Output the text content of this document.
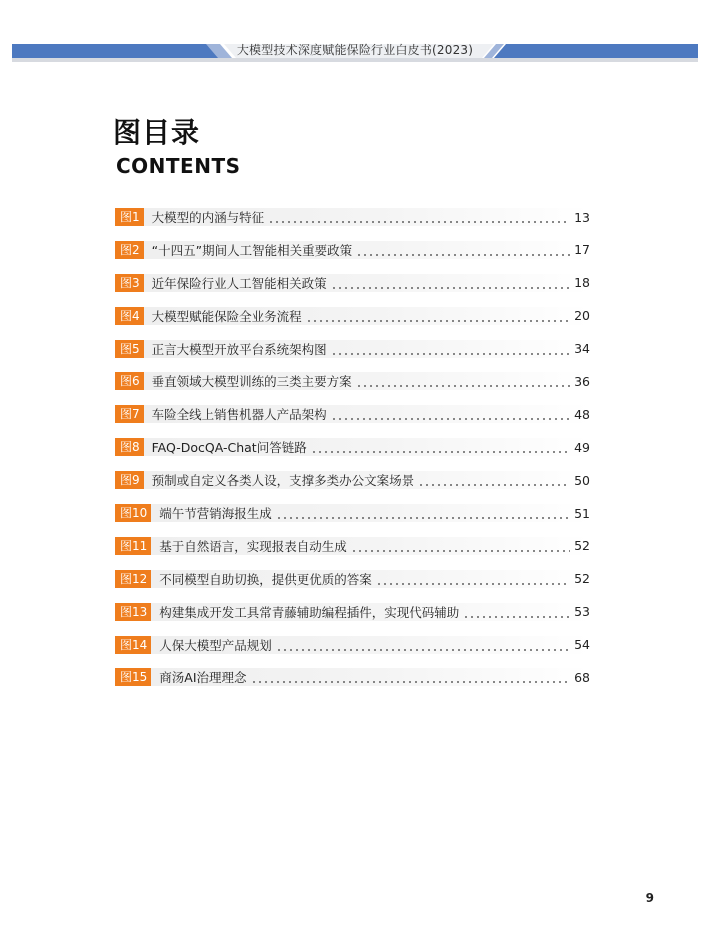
大模型技术深度赋能保险行业白皮书(2023)
图目录
CONTENTS
图1 大模型的内涵与特征	13
图2 “十四五”期间人工智能相关重要政策	17
图3 近年保险行业人工智能相关政策	18
图4 大模型赋能保险全业务流程	20
图5 正言大模型开放平台系统架构图	34
图6 垂直领域大模型训练的三类主要方案	36
图7 车险全线上销售机器人产品架构	48
图8 FAQ-DocQA-Chat问答链路	49
图9 预制或自定义各类人设，支撑多类办公文案场景	50
图10 端午节营销海报生成	51
图11 基于自然语言，实现报表自动生成	52
图12 不同模型自助切换，提供更优质的答案	52
图13 构建集成开发工具常青藤辅助编程插件，实现代码辅助	53
图14 人保大模型产品规划	54
图15 商汤AI治理理念	68
9
